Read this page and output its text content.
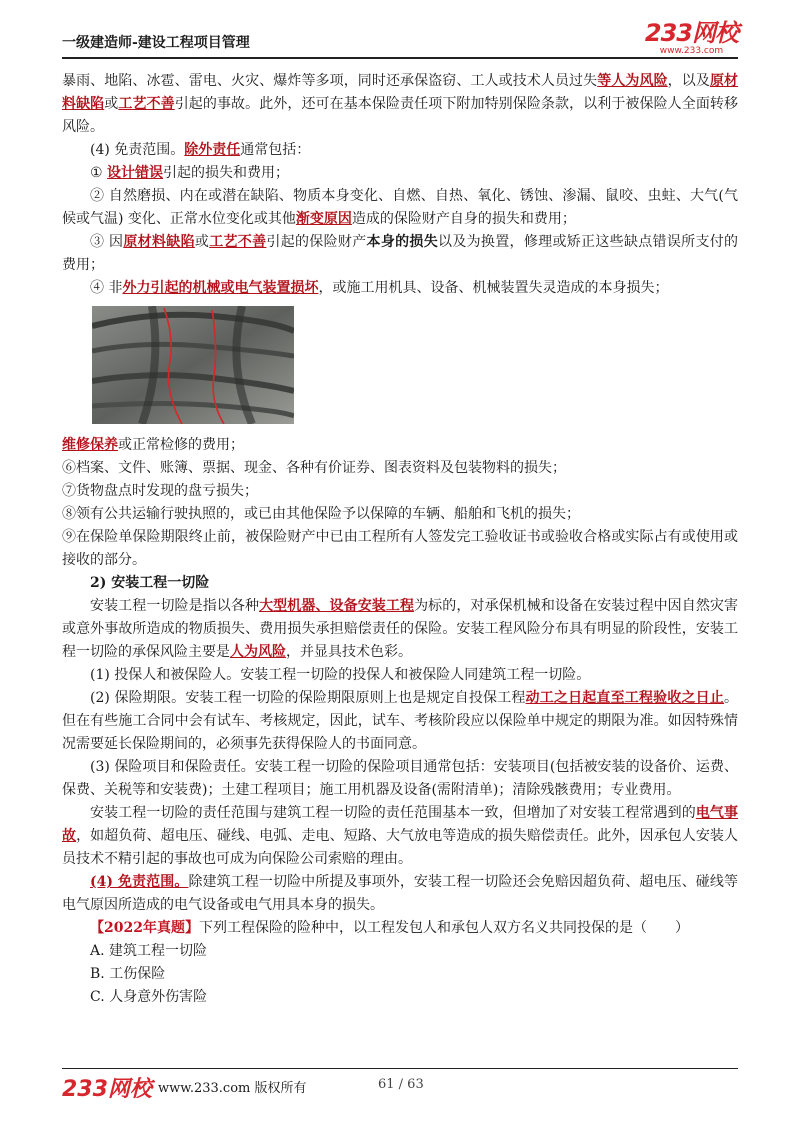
一级建造师-建设工程项目管理	233网校
www.233.com

暴雨、地陷、冰雹、雷电、火灾、爆炸等多项，同时还承保盗窃、工人或技术人员过失等人为风险，以及原材料缺陷或工艺不善引起的事故。此外，还可在基本保险责任项下附加特别保险条款，以利于被保险人全面转移风险。

(4) 免责范围。除外责任通常包括：

① 设计错误引起的损失和费用；

② 自然磨损、内在或潜在缺陷、物质本身变化、自燃、自热、氧化、锈蚀、渗漏、鼠咬、虫蛀、大气(气候或气温) 变化、正常水位变化或其他渐变原因造成的保险财产自身的损失和费用；

③ 因原材料缺陷或工艺不善引起的保险财产本身的损失以及为换置，修理或矫正这些缺点错误所支付的费用；

④ 非外力引起的机械或电气装置损坏，或施工用机具、设备、机械装置失灵造成的本身损失；

维修保养或正常检修的费用；

⑥档案、文件、账簿、票据、现金、各种有价证券、图表资料及包装物料的损失；

⑦货物盘点时发现的盘亏损失；

⑧领有公共运输行驶执照的，或已由其他保险予以保障的车辆、船舶和飞机的损失；

⑨在保险单保险期限终止前，被保险财产中已由工程所有人签发完工验收证书或验收合格或实际占有或使用或接收的部分。

2) 安装工程一切险

安装工程一切险是指以各种大型机器、设备安装工程为标的，对承保机械和设备在安装过程中因自然灾害或意外事故所造成的物质损失、费用损失承担赔偿责任的保险。安装工程风险分布具有明显的阶段性，安装工程一切险的承保风险主要是人为风险，并显具技术色彩。

(1) 投保人和被保险人。安装工程一切险的投保人和被保险人同建筑工程一切险。

(2) 保险期限。安装工程一切险的保险期限原则上也是规定自投保工程动工之日起直至工程验收之日止。但在有些施工合同中会有试车、考核规定，因此，试车、考核阶段应以保险单中规定的期限为准。如因特殊情况需要延长保险期间的，必须事先获得保险人的书面同意。

(3) 保险项目和保险责任。安装工程一切险的保险项目通常包括：安装项目(包括被安装的设备价、运费、保费、关税等和安装费)；土建工程项目；施工用机器及设备(需附清单)；清除残骸费用；专业费用。

安装工程一切险的责任范围与建筑工程一切险的责任范围基本一致，但增加了对安装工程常遇到的电气事故，如超负荷、超电压、碰线、电弧、走电、短路、大气放电等造成的损失赔偿责任。此外，因承包人安装人员技术不精引起的事故也可成为向保险公司索赔的理由。

(4) 免责范围。除建筑工程一切险中所提及事项外，安装工程一切险还会免赔因超负荷、超电压、碰线等电气原因所造成的电气设备或电气用具本身的损失。

【2022年真题】下列工程保险的险种中，以工程发包人和承包人双方名义共同投保的是（　　）

A. 建筑工程一切险

B. 工伤保险

C. 人身意外伤害险

233网校 www.233.com 版权所有	61 / 63
